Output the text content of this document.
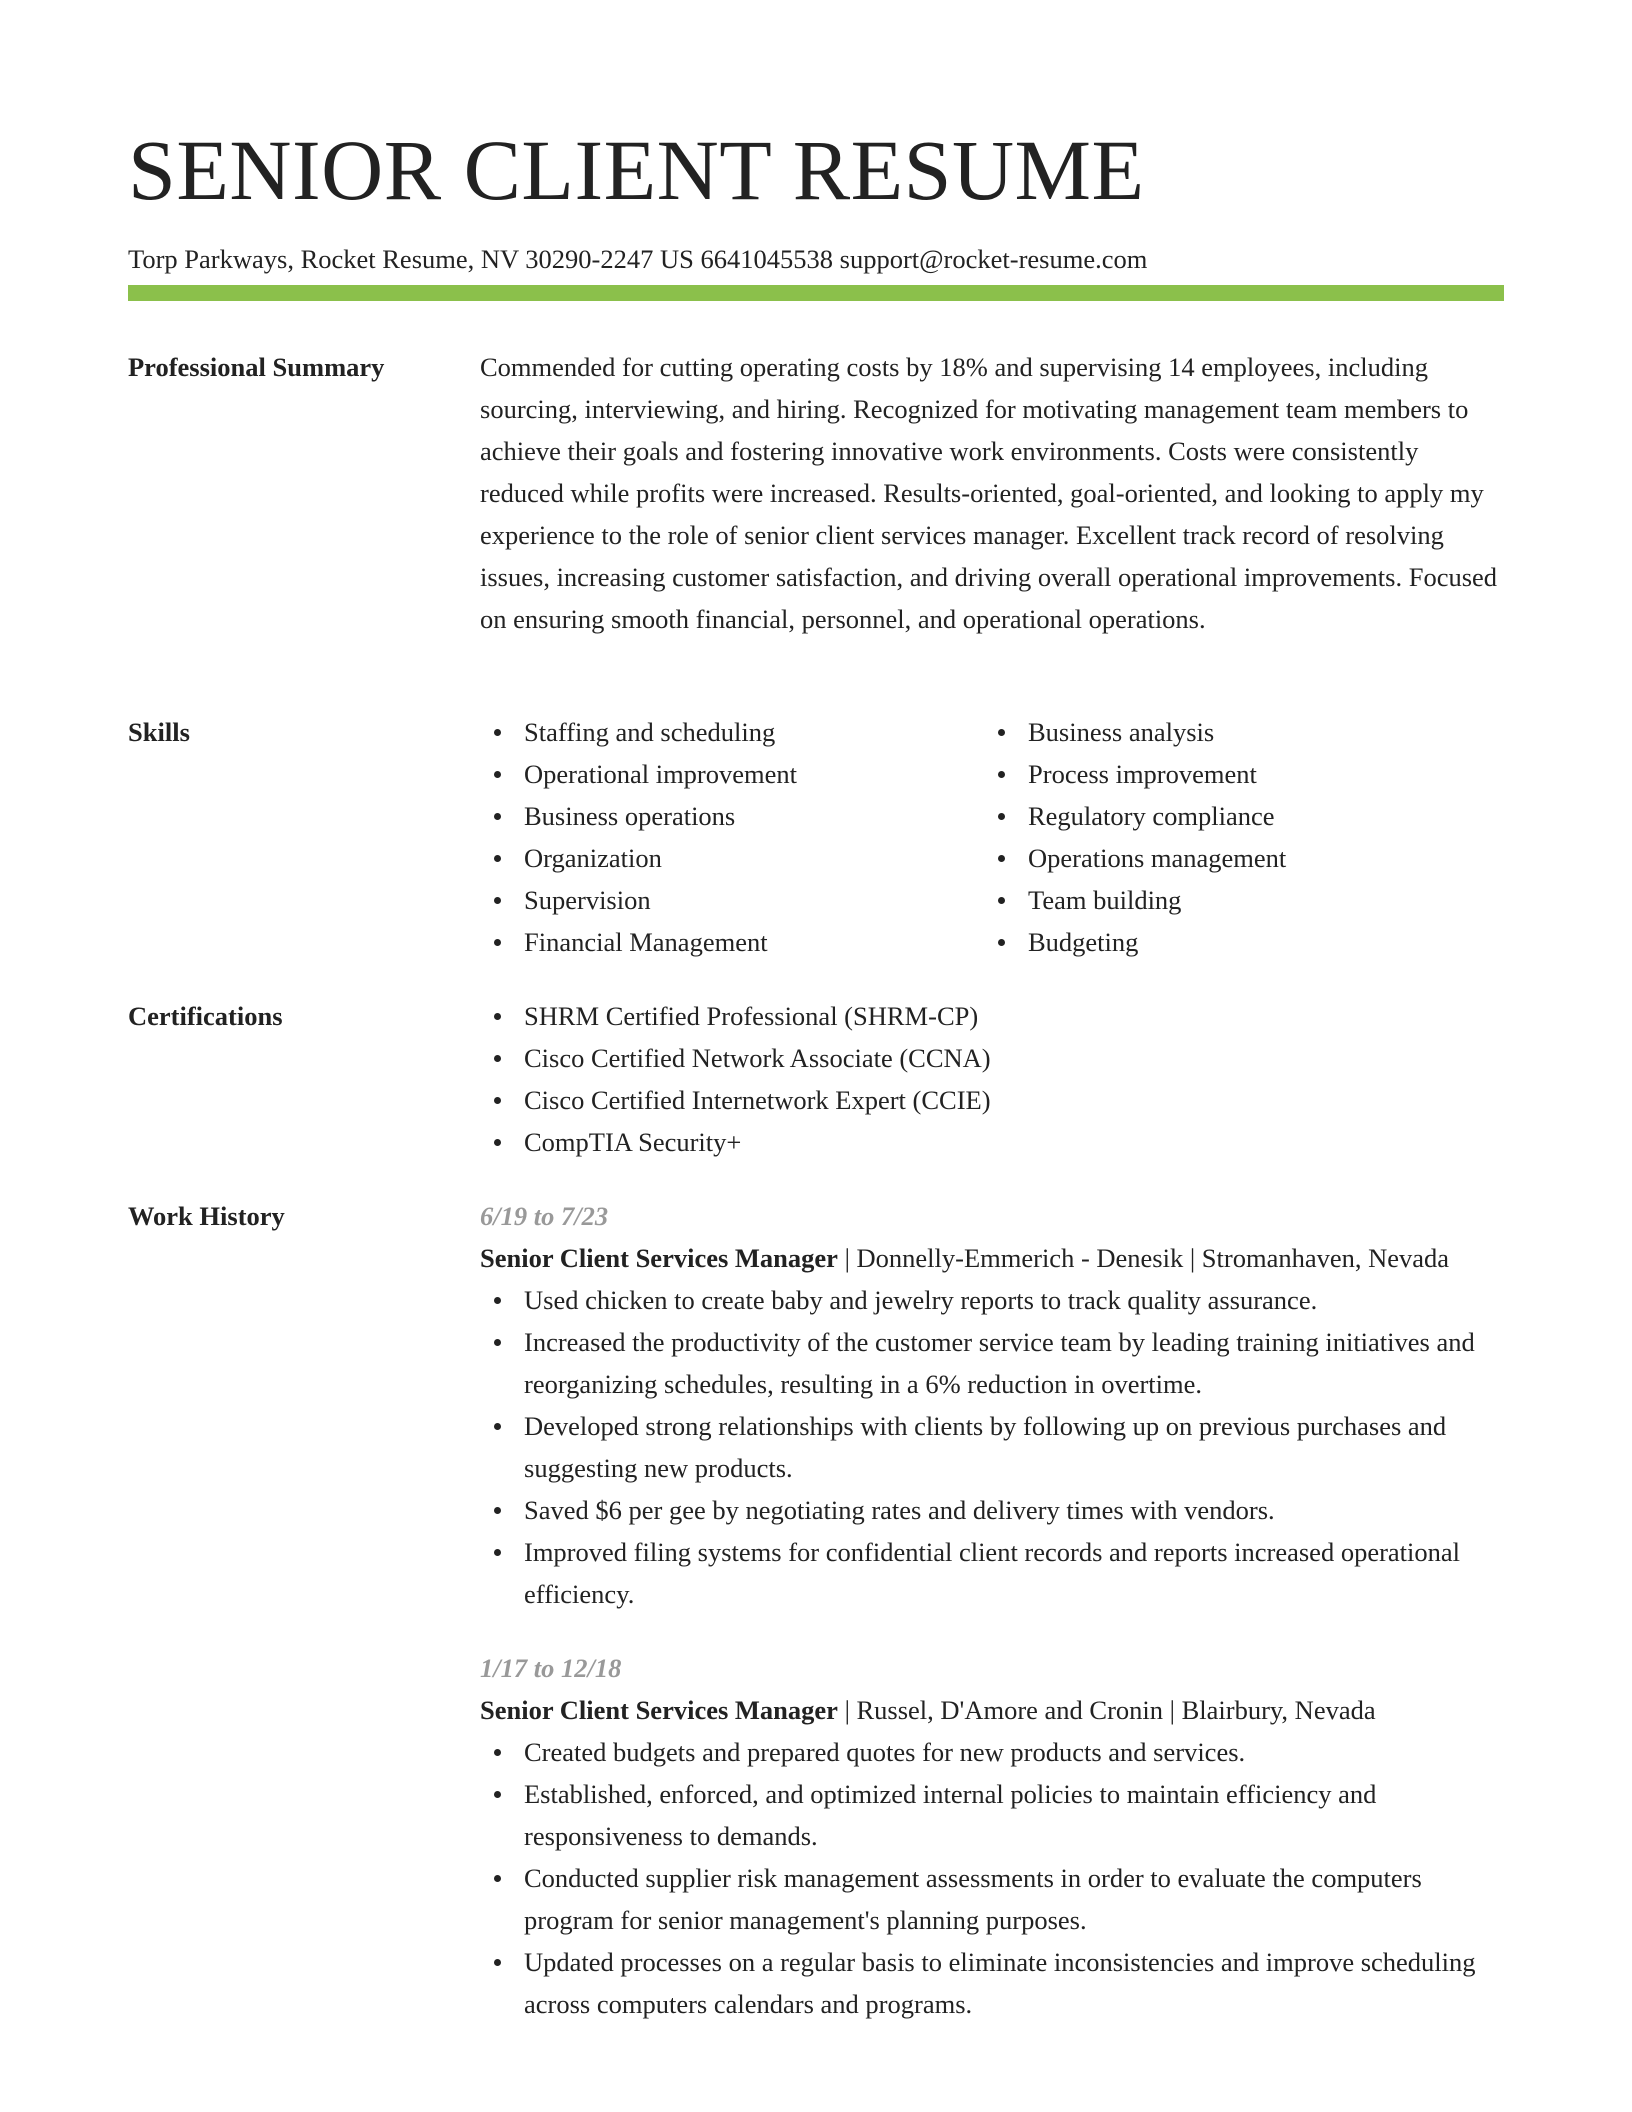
SENIOR CLIENT RESUME
Torp Parkways, Rocket Resume, NV 30290-2247 US 6641045538 support@rocket-resume.com
Professional Summary	Commended for cutting operating costs by 18% and supervising 14 employees, including sourcing, interviewing, and hiring. Recognized for motivating management team members to achieve their goals and fostering innovative work environments. Costs were consistently reduced while profits were increased. Results-oriented, goal-oriented, and looking to apply my experience to the role of senior client services manager. Excellent track record of resolving issues, increasing customer satisfaction, and driving overall operational improvements. Focused on ensuring smooth financial, personnel, and operational operations.

Skills	Staffing and scheduling
Operational improvement
Business operations
Organization
Supervision
Financial Management
Business analysis
Process improvement
Regulatory compliance
Operations management
Team building
Budgeting
Certifications	SHRM Certified Professional (SHRM-CP)
Cisco Certified Network Associate (CCNA)
Cisco Certified Internetwork Expert (CCIE)
CompTIA Security+
Work History	6/19 to 7/23
Senior Client Services Manager | Donnelly-Emmerich - Denesik | Stromanhaven, Nevada
Used chicken to create baby and jewelry reports to track quality assurance.
Increased the productivity of the customer service team by leading training initiatives and reorganizing schedules, resulting in a 6% reduction in overtime.
Developed strong relationships with clients by following up on previous purchases and suggesting new products.
Saved $6 per gee by negotiating rates and delivery times with vendors.
Improved filing systems for confidential client records and reports increased operational efficiency.
1/17 to 12/18
Senior Client Services Manager | Russel, D'Amore and Cronin | Blairbury, Nevada
Created budgets and prepared quotes for new products and services.
Established, enforced, and optimized internal policies to maintain efficiency and responsiveness to demands.
Conducted supplier risk management assessments in order to evaluate the computers program for senior management's planning purposes.
Updated processes on a regular basis to eliminate inconsistencies and improve scheduling across computers calendars and programs.
